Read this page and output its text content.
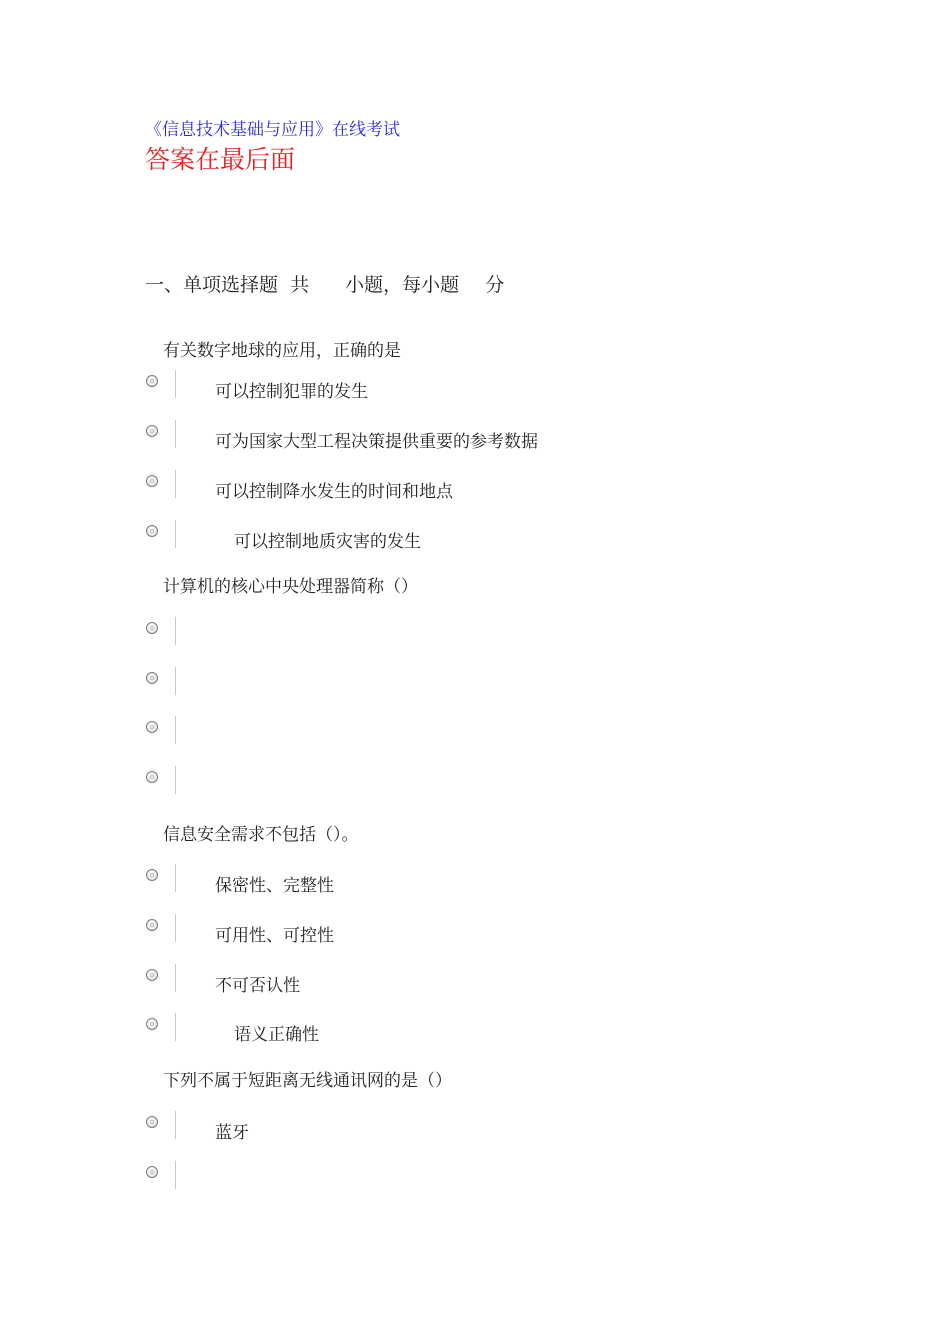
《信息技术基础与应用》在线考试
答案在最后面
一、单项选择题 共 小题，每小题 分
有关数字地球的应用，正确的是
可以控制犯罪的发生
可为国家大型工程决策提供重要的参考数据
可以控制降水发生的时间和地点
可以控制地质灾害的发生
计算机的核心中央处理器简称（）
信息安全需求不包括（）。
保密性、完整性
可用性、可控性
不可否认性
语义正确性
下列不属于短距离无线通讯网的是（）
蓝牙
